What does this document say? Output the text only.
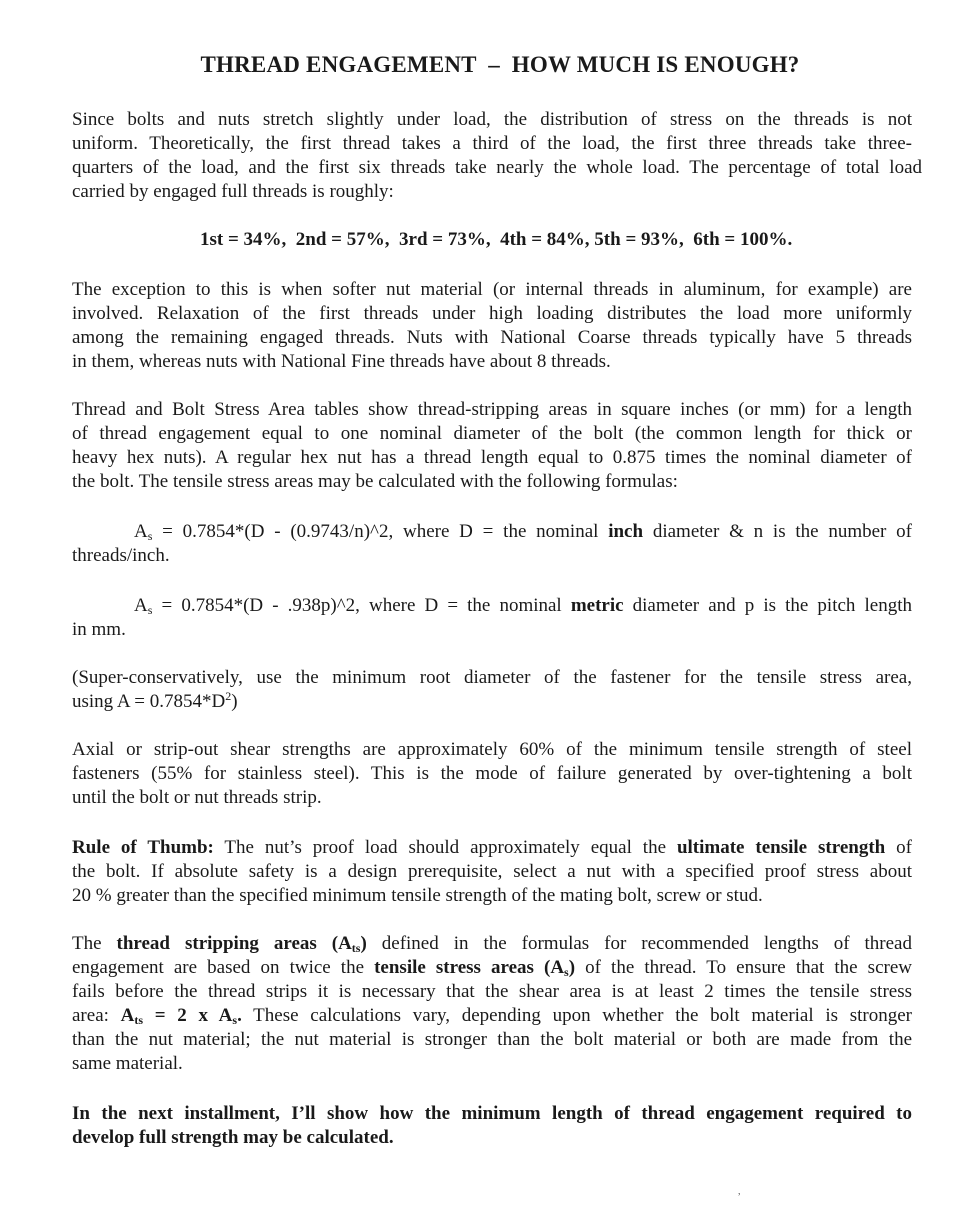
THREAD ENGAGEMENT  –  HOW MUCH IS ENOUGH?
Since bolts and nuts stretch slightly under load, the distribution of stress on the threads is not
uniform. Theoretically, the first thread takes a third of the load, the first three threads take three-
quarters of the load, and the first six threads take nearly the whole load. The percentage of total load
carried by engaged full threads is roughly:
1st = 34%,  2nd = 57%,  3rd = 73%,  4th = 84%, 5th = 93%,  6th = 100%.
The exception to this is when softer nut material (or internal threads in aluminum, for example) are
involved. Relaxation of the first threads under high loading distributes the load more uniformly
among the remaining engaged threads. Nuts with National Coarse threads typically have 5 threads
in them, whereas nuts with National Fine threads have about 8 threads.
Thread and Bolt Stress Area tables show thread-stripping areas in square inches (or mm) for a length
of thread engagement equal to one nominal diameter of the bolt (the common length for thick or
heavy hex nuts). A regular hex nut has a thread length equal to 0.875 times the nominal diameter of
the bolt. The tensile stress areas may be calculated with the following formulas:
$A_s = 0.7854*(D$ - (0.9743/n)^2, where D = the nominal inch diameter & n is the number of
threads/inch.
$A_s = 0.7854*(D$ - .938p)^2, where D = the nominal metric diameter and p is the pitch length
in mm.
(Super-conservatively, use the minimum root diameter of the fastener for the tensile stress area,
using $A = 0.7854*D^2$)
Axial or strip-out shear strengths are approximately 60% of the minimum tensile strength of steel
fasteners (55% for stainless steel). This is the mode of failure generated by over-tightening a bolt
until the bolt or nut threads strip.
Rule of Thumb: The nut’s proof load should approximately equal the ultimate tensile strength of
the bolt. If absolute safety is a design prerequisite, select a nut with a specified proof stress about
20 % greater than the specified minimum tensile strength of the mating bolt, screw or stud.
The thread stripping areas $(A_{ts})$ defined in the formulas for recommended lengths of thread
engagement are based on twice the tensile stress areas $(A_s)$ of the thread. To ensure that the screw
fails before the thread strips it is necessary that the shear area is at least 2 times the tensile stress
area: $A_{ts} = 2$ x $A_s$. These calculations vary, depending upon whether the bolt material is stronger
than the nut material; the nut material is stronger than the bolt material or both are made from the
same material.
In the next installment, I’ll show how the minimum length of thread engagement required to
develop full strength may be calculated.
,
